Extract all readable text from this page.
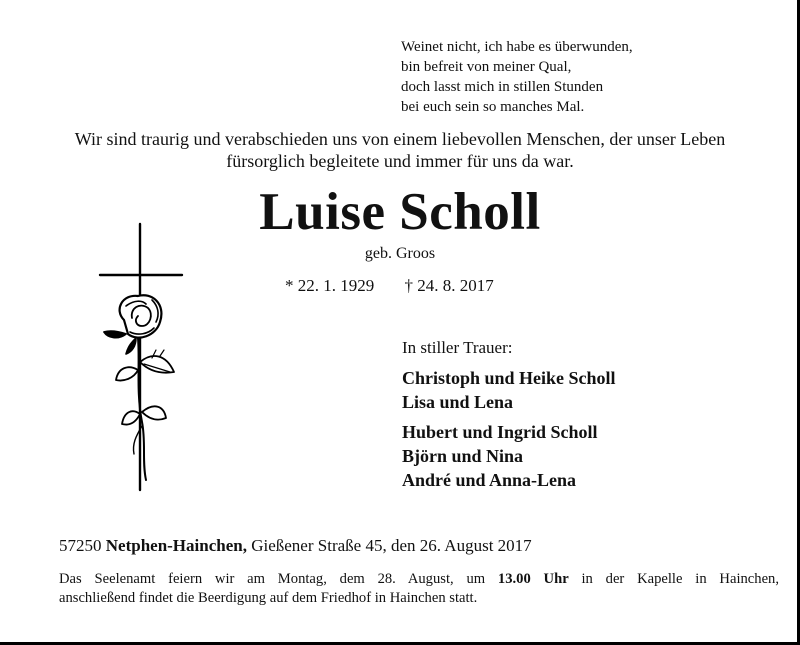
Weinet nicht, ich habe es überwunden,
bin befreit von meiner Qual,
doch lasst mich in stillen Stunden
bei euch sein so manches Mal.
Wir sind traurig und verabschieden uns von einem liebevollen Menschen, der unser Leben
fürsorglich begleitete und immer für uns da war.
Luise Scholl
geb. Groos
* 22. 1. 1929 † 24. 8. 2017
In stiller Trauer:
Christoph und Heike Scholl
Lisa und Lena
Hubert und Ingrid Scholl
Björn und Nina
André und Anna-Lena
57250 Netphen-Hainchen, Gießener Straße 45, den 26. August 2017
Das Seelenamt feiern wir am Montag, dem 28. August, um 13.00 Uhr in der Kapelle in Hainchen,
anschließend findet die Beerdigung auf dem Friedhof in Hainchen statt.
